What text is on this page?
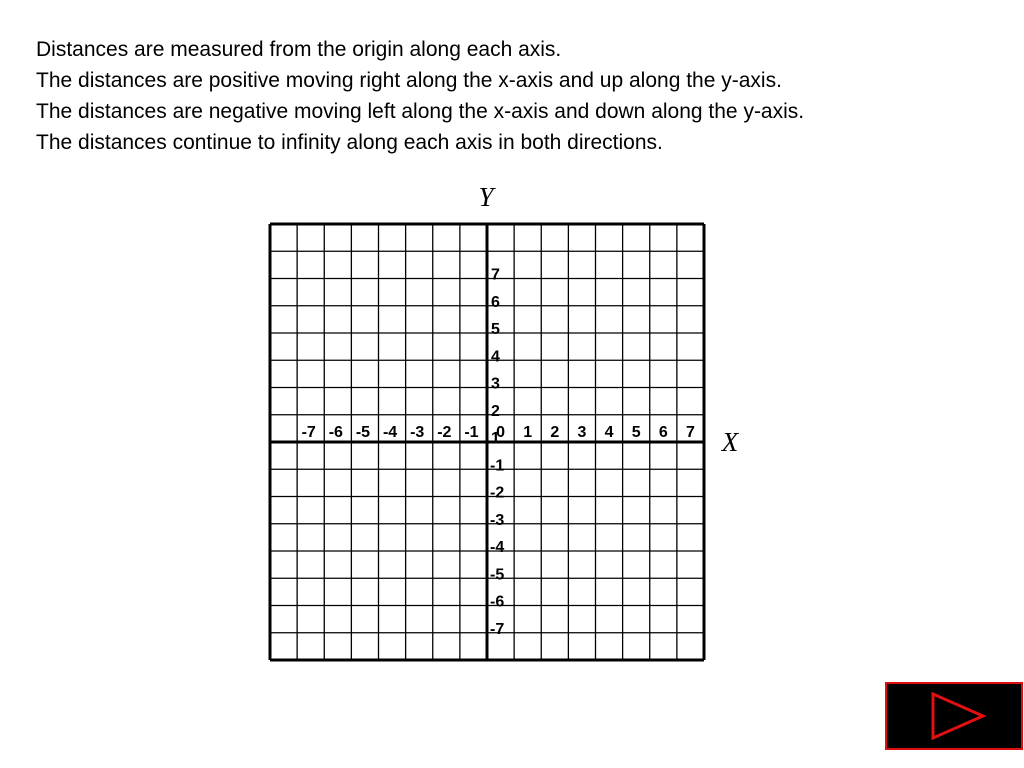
Distances are measured from the origin along each axis.

The distances are positive moving right along the x-axis and up along the y-axis.

The distances are negative moving left along the x-axis and down along the y-axis.

The distances continue to infinity along each axis in both directions.

-7 -6 -5 -4 -3 -2 -1 0 1 2 3 4 5 6 7
7
6
5
4
3
2
1
-1
-2
-3
-4
-5
-6
-7
Y
X
